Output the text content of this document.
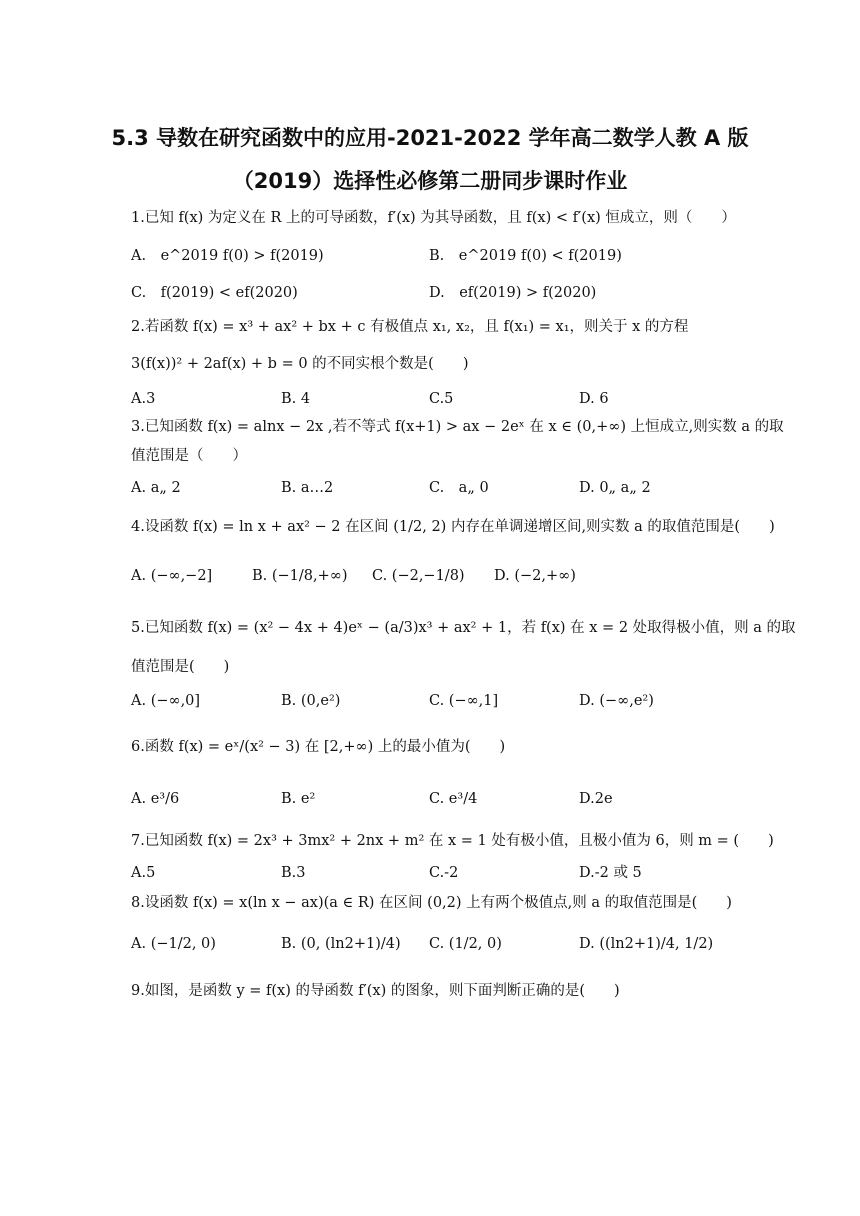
5.3 导数在研究函数中的应用-2021-2022 学年高二数学人教 A 版
（2019）选择性必修第二册同步课时作业
1.已知 f(x) 为定义在 R 上的可导函数，f′(x) 为其导函数，且 f(x) < f′(x) 恒成立，则（　　）
A.　e^2019 f(0) > f(2019)	B.　e^2019 f(0) < f(2019)
C.　f(2019) < ef(2020)	D.　ef(2019) > f(2020)
2.若函数 f(x) = x³ + ax² + bx + c 有极值点 x₁, x₂，且 f(x₁) = x₁，则关于 x 的方程
3(f(x))² + 2af(x) + b = 0 的不同实根个数是(　　)
A.3	B. 4	C.5	D. 6
3.已知函数 f(x) = alnx − 2x ,若不等式 f(x+1) > ax − 2eˣ 在 x ∈ (0,+∞) 上恒成立,则实数 a 的取
值范围是（　　）
A. a„ 2	B. a…2	C.　a„ 0	D. 0„ a„ 2
4.设函数 f(x) = ln x + ax² − 2 在区间 (1/2, 2) 内存在单调递增区间,则实数 a 的取值范围是(　　)
A. (−∞,−2]	B. (−1/8,+∞) C. (−2,−1/8) D. (−2,+∞)
5.已知函数 f(x) = (x² − 4x + 4)eˣ − (a/3)x³ + ax² + 1，若 f(x) 在 x = 2 处取得极小值，则 a 的取
值范围是(　　)
A. (−∞,0]	B. (0,e²)	C. (−∞,1]	D. (−∞,e²)
6.函数 f(x) = eˣ/(x² − 3) 在 [2,+∞) 上的最小值为(　　)
A. e³/6	B. e²	C. e³/4	D.2e
7.已知函数 f(x) = 2x³ + 3mx² + 2nx + m² 在 x = 1 处有极小值，且极小值为 6，则 m = (　　)
A.5	B.3	C.-2	D.-2 或 5
8.设函数 f(x) = x(ln x − ax)(a ∈ R) 在区间 (0,2) 上有两个极值点,则 a 的取值范围是(　　)
A. (−1/2, 0)	B. (0, (ln2+1)/4) C. (1/2, 0)	D. ((ln2+1)/4, 1/2)
9.如图，是函数 y = f(x) 的导函数 f′(x) 的图象，则下面判断正确的是(　　)
